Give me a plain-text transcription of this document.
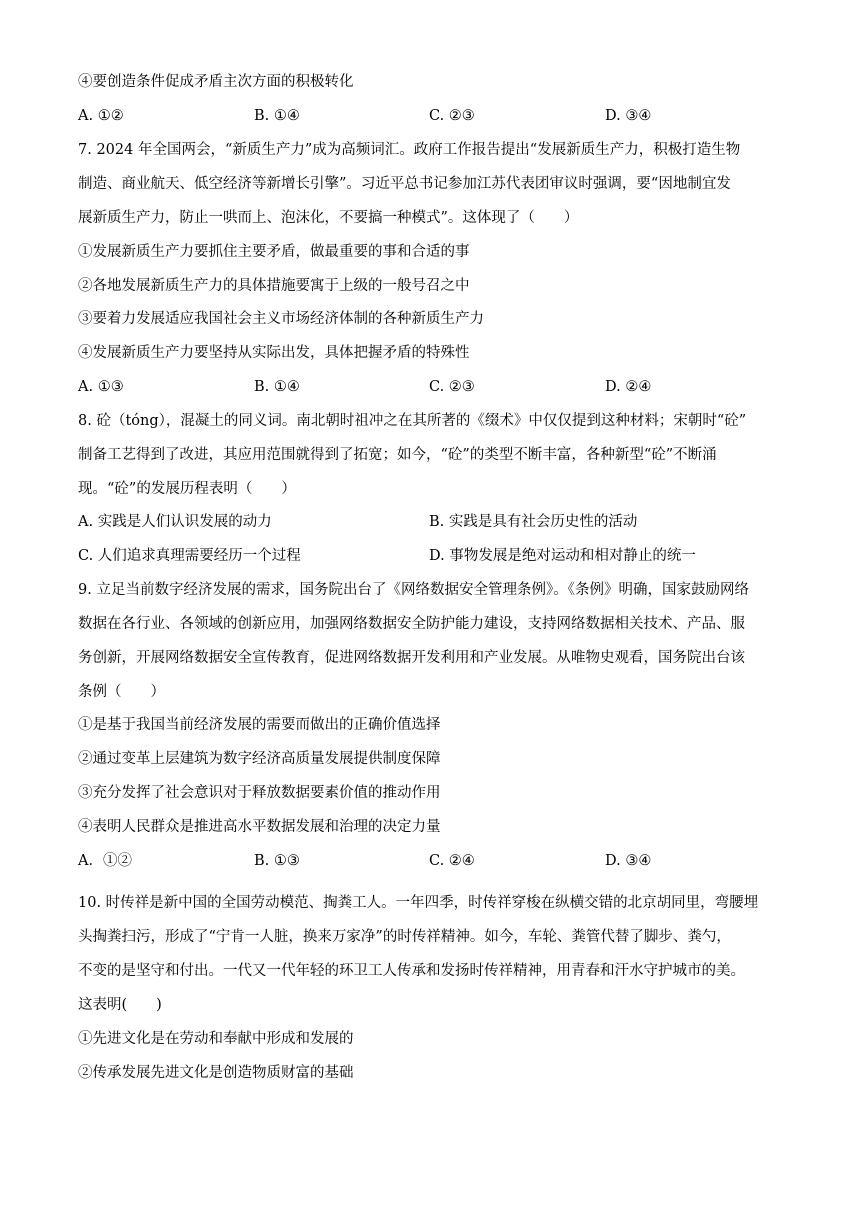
④要创造条件促成矛盾主次方面的积极转化
A. ①②	B. ①④	C. ②③	D. ③④
7. 2024 年全国两会，“新质生产力”成为高频词汇。政府工作报告提出“发展新质生产力，积极打造生物
制造、商业航天、低空经济等新增长引擎”。习近平总书记参加江苏代表团审议时强调，要“因地制宜发
展新质生产力，防止一哄而上、泡沫化，不要搞一种模式”。这体现了（　　）
①发展新质生产力要抓住主要矛盾，做最重要的事和合适的事
②各地发展新质生产力的具体措施要寓于上级的一般号召之中
③要着力发展适应我国社会主义市场经济体制的各种新质生产力
④发展新质生产力要坚持从实际出发，具体把握矛盾的特殊性
A. ①③	B. ①④	C. ②③	D. ②④
8. 砼（tóng），混凝土的同义词。南北朝时祖冲之在其所著的《缀术》中仅仅提到这种材料；宋朝时“砼”
制备工艺得到了改进，其应用范围就得到了拓宽；如今，“砼”的类型不断丰富，各种新型“砼”不断涌
现。“砼”的发展历程表明（　　）
A. 实践是人们认识发展的动力	B. 实践是具有社会历史性的活动
C. 人们追求真理需要经历一个过程	D. 事物发展是绝对运动和相对静止的统一
9. 立足当前数字经济发展的需求，国务院出台了《网络数据安全管理条例》。《条例》明确，国家鼓励网络
数据在各行业、各领域的创新应用，加强网络数据安全防护能力建设，支持网络数据相关技术、产品、服
务创新，开展网络数据安全宣传教育，促进网络数据开发利用和产业发展。从唯物史观看，国务院出台该
条例（　　）
①是基于我国当前经济发展的需要而做出的正确价值选择
②通过变革上层建筑为数字经济高质量发展提供制度保障
③充分发挥了社会意识对于释放数据要素价值的推动作用
④表明人民群众是推进高水平数据发展和治理的决定力量
A．①②	B. ①③	C. ②④	D. ③④
10. 时传祥是新中国的全国劳动模范、掏粪工人。一年四季，时传祥穿梭在纵横交错的北京胡同里，弯腰埋
头掏粪扫污，形成了“宁肯一人脏，换来万家净”的时传祥精神。如今，车轮、粪管代替了脚步、粪勺，
不变的是坚守和付出。一代又一代年轻的环卫工人传承和发扬时传祥精神，用青春和汗水守护城市的美。
这表明(　　)
①先进文化是在劳动和奉献中形成和发展的
②传承发展先进文化是创造物质财富的基础
